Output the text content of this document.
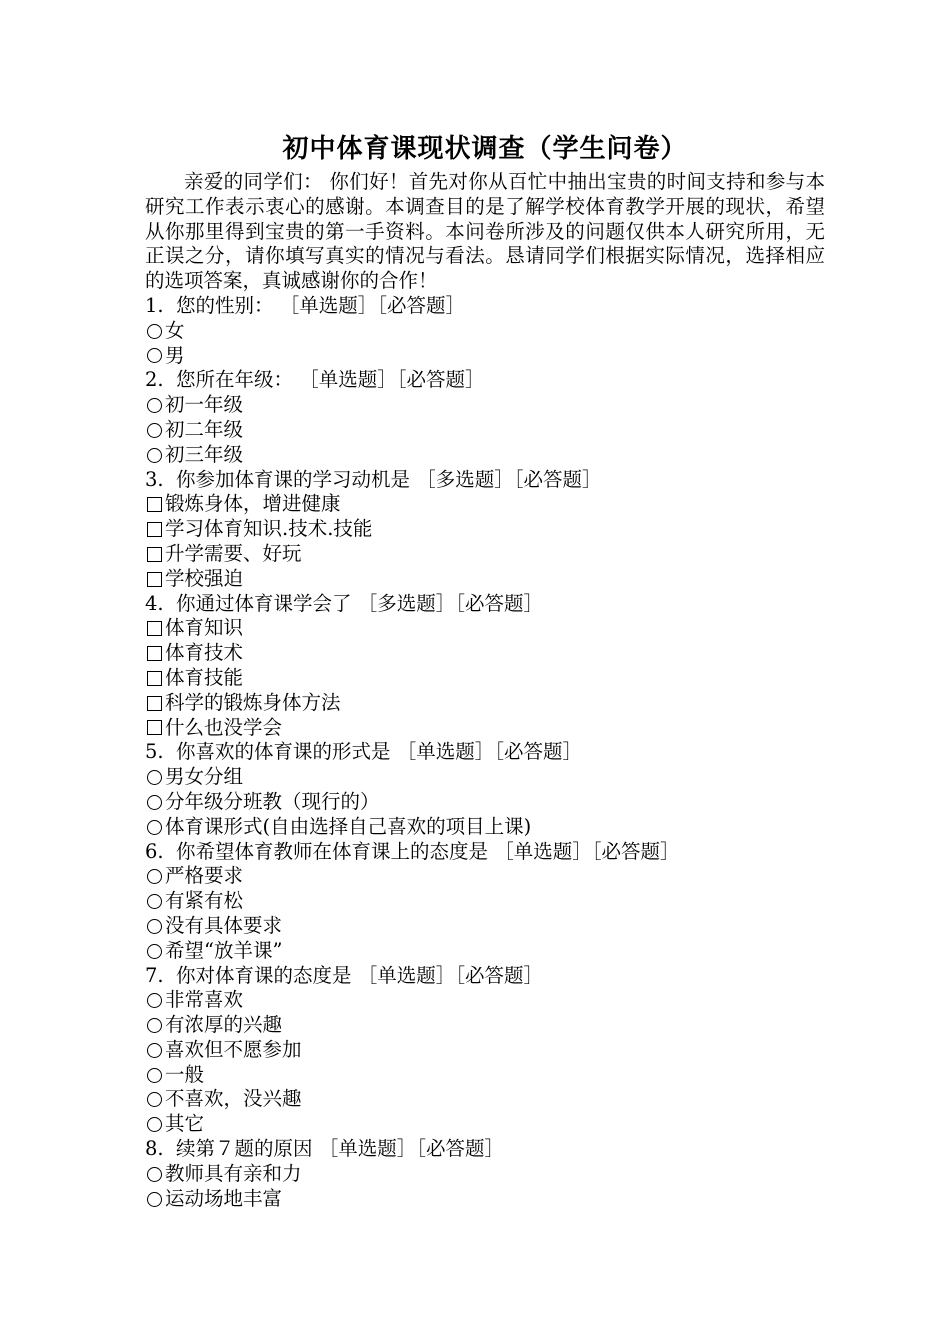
初中体育课现状调查（学生问卷）

亲爱的同学们： 你们好！首先对你从百忙中抽出宝贵的时间支持和参与本研究工作表示衷心的感谢。本调查目的是了解学校体育教学开展的现状，希望从你那里得到宝贵的第一手资料。本问卷所涉及的问题仅供本人研究所用，无正误之分，请你填写真实的情况与看法。恳请同学们根据实际情况，选择相应的选项答案，真诚感谢你的合作！

1. 您的性别： ［单选题］［必答题］
女
男
2. 您所在年级： ［单选题］［必答题］
初一年级
初二年级
初三年级
3. 你参加体育课的学习动机是 ［多选题］［必答题］
锻炼身体，增进健康
学习体育知识.技术.技能
升学需要、好玩
学校强迫
4. 你通过体育课学会了 ［多选题］［必答题］
体育知识
体育技术
体育技能
科学的锻炼身体方法
什么也没学会
5. 你喜欢的体育课的形式是 ［单选题］［必答题］
男女分组
分年级分班教（现行的）
体育课形式(自由选择自己喜欢的项目上课)
6. 你希望体育教师在体育课上的态度是 ［单选题］［必答题］
严格要求
有紧有松
没有具体要求
希望“放羊课”
7. 你对体育课的态度是 ［单选题］［必答题］
非常喜欢
有浓厚的兴趣
喜欢但不愿参加
一般
不喜欢，没兴趣
其它
8. 续第７题的原因 ［单选题］［必答题］
教师具有亲和力
运动场地丰富
